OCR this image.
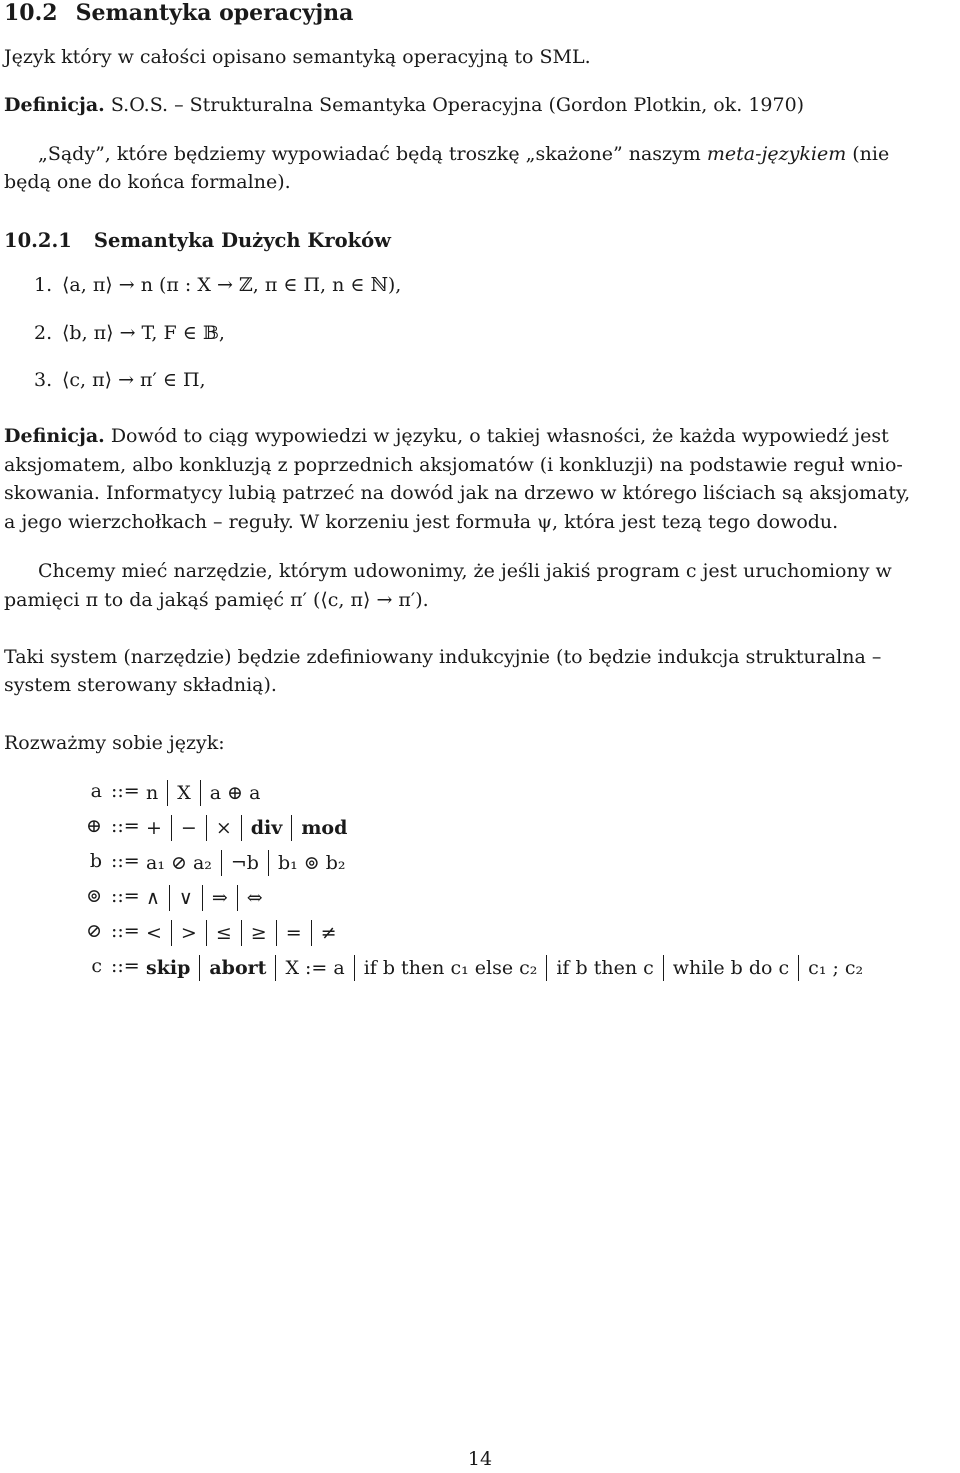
10.2 Semantyka operacyjna

Język który w całości opisano semantyką operacyjną to SML.

Definicja. S.O.S. – Strukturalna Semantyka Operacyjna (Gordon Plotkin, ok. 1970)

„Sądy”, które będziemy wypowiadać będą troszkę „skażone” naszym meta-językiem (nie

będą one do końca formalne).

10.2.1 Semantyka Dużych Kroków
1. ⟨a, π⟩ → n (π : X → ℤ, π ∈ Π, n ∈ ℕ),
2. ⟨b, π⟩ → T, F ∈ 𝔹,
3. ⟨c, π⟩ → π′ ∈ Π,

Definicja. Dowód to ciąg wypowiedzi w języku, o takiej własności, że każda wypowiedź jest

aksjomatem, albo konkluzją z poprzednich aksjomatów (i konkluzji) na podstawie reguł wnio-

skowania. Informatycy lubią patrzeć na dowód jak na drzewo w którego liściach są aksjomaty,

a jego wierzchołkach – reguły. W korzeniu jest formuła ψ, która jest tezą tego dowodu.

Chcemy mieć narzędzie, którym udowonimy, że jeśli jakiś program c jest uruchomiony w

pamięci π to da jakąś pamięć π′ (⟨c, π⟩ → π′).

Taki system (narzędzie) będzie zdefiniowany indukcyjnie (to będzie indukcja strukturalna –

system sterowany składnią).

Rozważmy sobie język:

a ::= n X a ⊕ a
⊕ ::= + − × div mod
b ::= a₁ ⊘ a₂ ¬b b₁ ⊚ b₂
⊚ ::= ∧ ∨ ⇒ ⇔
⊘ ::= < > ≤ ≥ = ≠
c ::= skip abort X := a if b then c₁ else c₂ if b then c while b do c c₁ ; c₂
14
